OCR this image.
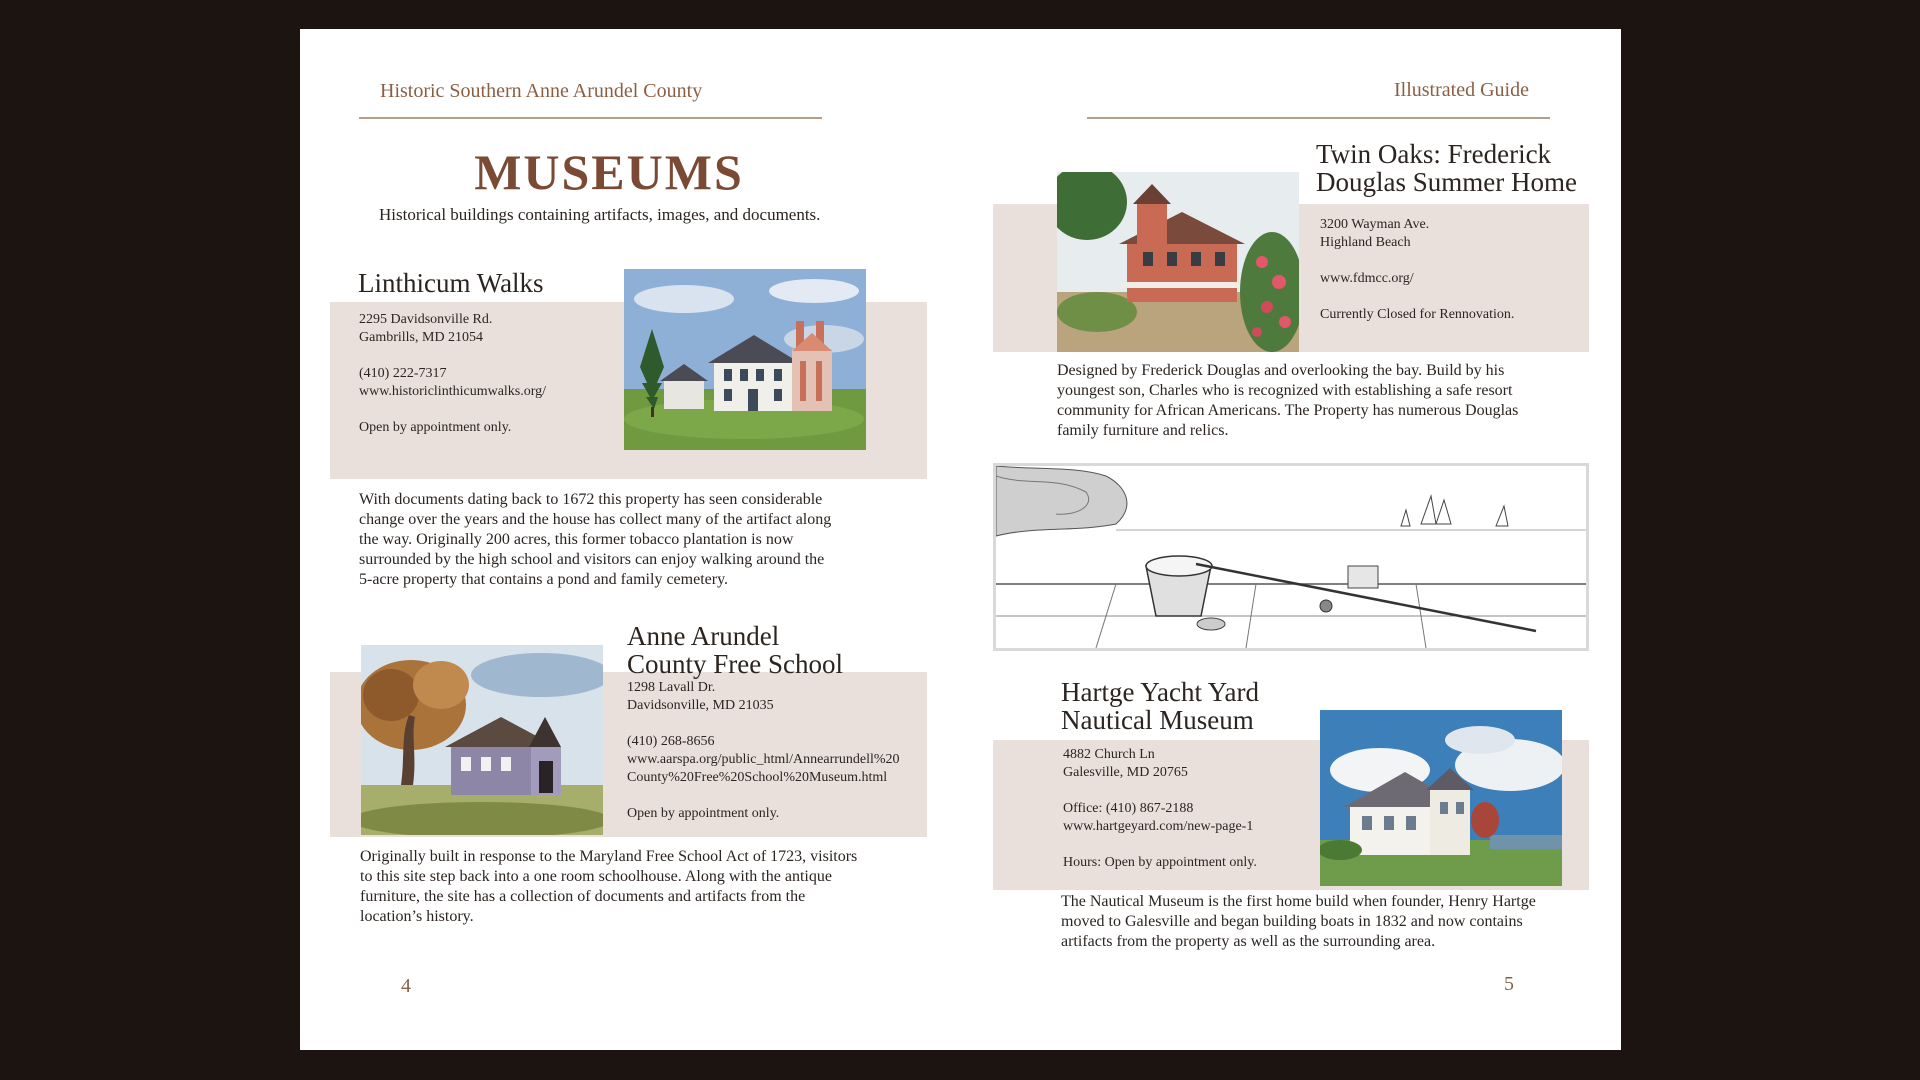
Historic Southern Anne Arundel County	Illustrated Guide
MUSEUMS
Historical buildings containing artifacts, images, and documents.
Linthicum Walks
2295 Davidsonville Rd.
Gambrills, MD 21054
(410) 222-7317
www.historiclinthicumwalks.org/
Open by appointment only.
With documents dating back to 1672 this property has seen considerable
change over the years and the house has collect many of the artifact along
the way. Originally 200 acres, this former tobacco plantation is now
surrounded by the high school and visitors can enjoy walking around the
5-acre property that contains a pond and family cemetery.
Anne Arundel
County Free School
1298 Lavall Dr.
Davidsonville, MD 21035
(410) 268-8656
www.aarspa.org/public_html/Annearrundell%20
County%20Free%20School%20Museum.html
Open by appointment only.
Originally built in response to the Maryland Free School Act of 1723, visitors
to this site step back into a one room schoolhouse. Along with the antique
furniture, the site has a collection of documents and artifacts from the
location’s history.
Twin Oaks: Frederick
Douglas Summer Home
3200 Wayman Ave.
Highland Beach
www.fdmcc.org/
Currently Closed for Rennovation.
Designed by Frederick Douglas and overlooking the bay. Build by his
youngest son, Charles who is recognized with establishing a safe resort
community for African Americans. The Property has numerous Douglas
family furniture and relics.
Hartge Yacht Yard
Nautical Museum
4882 Church Ln
Galesville, MD 20765
Office: (410) 867-2188
www.hartgeyard.com/new-page-1
Hours: Open by appointment only.
The Nautical Museum is the first home build when founder, Henry Hartge
moved to Galesville and began building boats in 1832 and now contains
artifacts from the property as well as the surrounding area.
4	5
